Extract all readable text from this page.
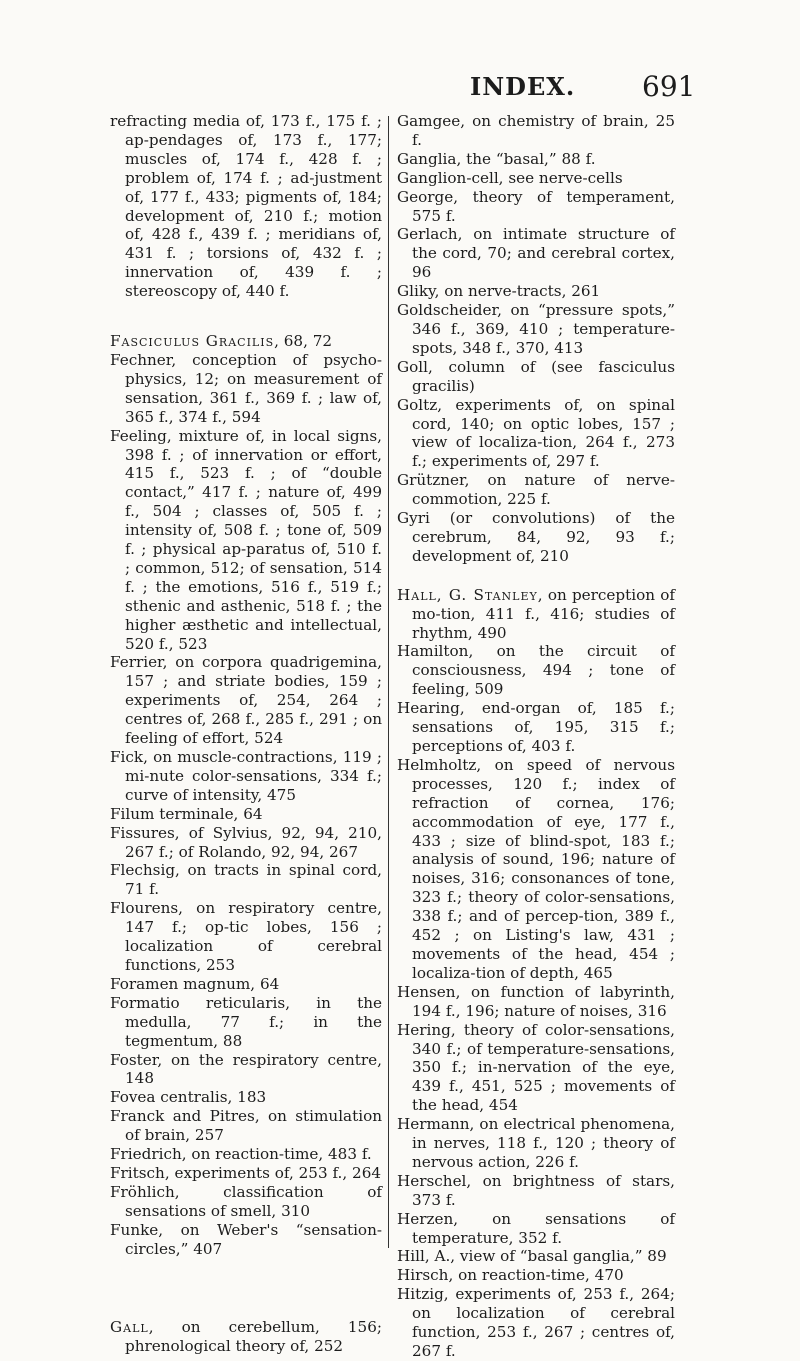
INDEX. 691

refracting media of, 173 f., 175 f. ; ap-pendages of, 173 f., 177; muscles of, 174 f., 428 f. ; problem of, 174 f. ; ad-justment of, 177 f., 433; pigments of, 184; development of, 210 f.; motion of, 428 f., 439 f. ; meridians of, 431 f. ; torsions of, 432 f. ; innervation of, 439 f. ; stereoscopy of, 440 f.

Fasciculus Gracilis, 68, 72

Fechner, conception of psycho-physics, 12; on measurement of sensation, 361 f., 369 f. ; law of, 365 f., 374 f., 594

Feeling, mixture of, in local signs, 398 f. ; of innervation or effort, 415 f., 523 f. ; of “double contact,” 417 f. ; nature of, 499 f., 504 ; classes of, 505 f. ; intensity of, 508 f. ; tone of, 509 f. ; physical ap-paratus of, 510 f. ; common, 512; of sensation, 514 f. ; the emotions, 516 f., 519 f.; sthenic and asthenic, 518 f. ; the higher æsthetic and intellectual, 520 f., 523

Ferrier, on corpora quadrigemina, 157 ; and striate bodies, 159 ; experiments of, 254, 264 ; centres of, 268 f., 285 f., 291 ; on feeling of effort, 524

Fick, on muscle-contractions, 119 ; mi-nute color-sensations, 334 f.; curve of intensity, 475

Filum terminale, 64

Fissures, of Sylvius, 92, 94, 210, 267 f.; of Rolando, 92, 94, 267

Flechsig, on tracts in spinal cord, 71 f.

Flourens, on respiratory centre, 147 f.; op-tic lobes, 156 ; localization of cerebral functions, 253

Foramen magnum, 64

Formatio reticularis, in the medulla, 77 f.; in the tegmentum, 88

Foster, on the respiratory centre, 148

Fovea centralis, 183

Franck and Pitres, on stimulation of brain, 257

Friedrich, on reaction-time, 483 f.

Fritsch, experiments of, 253 f., 264

Fröhlich, classification of sensations of smell, 310

Funke, on Weber's “sensation-circles,” 407

Gall, on cerebellum, 156; phrenological theory of, 252

Gamgee, on chemistry of brain, 25 f.

Ganglia, the “basal,” 88 f.

Ganglion-cell, see nerve-cells

George, theory of temperament, 575 f.

Gerlach, on intimate structure of the cord, 70; and cerebral cortex, 96

Gliky, on nerve-tracts, 261

Goldscheider, on “pressure spots,” 346 f., 369, 410 ; temperature-spots, 348 f., 370, 413

Goll, column of (see fasciculus gracilis)

Goltz, experiments of, on spinal cord, 140; on optic lobes, 157 ; view of localiza-tion, 264 f., 273 f.; experiments of, 297 f.

Grützner, on nature of nerve-commotion, 225 f.

Gyri (or convolutions) of the cerebrum, 84, 92, 93 f.; development of, 210

Hall, G. Stanley, on perception of mo-tion, 411 f., 416; studies of rhythm, 490

Hamilton, on the circuit of consciousness, 494 ; tone of feeling, 509

Hearing, end-organ of, 185 f.; sensations of, 195, 315 f.; perceptions of, 403 f.

Helmholtz, on speed of nervous processes, 120 f.; index of refraction of cornea, 176; accommodation of eye, 177 f., 433 ; size of blind-spot, 183 f.; analysis of sound, 196; nature of noises, 316; consonances of tone, 323 f.; theory of color-sensations, 338 f.; and of percep-tion, 389 f., 452 ; on Listing's law, 431 ; movements of the head, 454 ; localiza-tion of depth, 465

Hensen, on function of labyrinth, 194 f., 196; nature of noises, 316

Hering, theory of color-sensations, 340 f.; of temperature-sensations, 350 f.; in-nervation of the eye, 439 f., 451, 525 ; movements of the head, 454

Hermann, on electrical phenomena, in nerves, 118 f., 120 ; theory of nervous action, 226 f.

Herschel, on brightness of stars, 373 f.

Herzen, on sensations of temperature, 352 f.

Hill, A., view of “basal ganglia,” 89

Hirsch, on reaction-time, 470

Hitzig, experiments of, 253 f., 264; on localization of cerebral function, 253 f., 267 ; centres of, 267 f.
